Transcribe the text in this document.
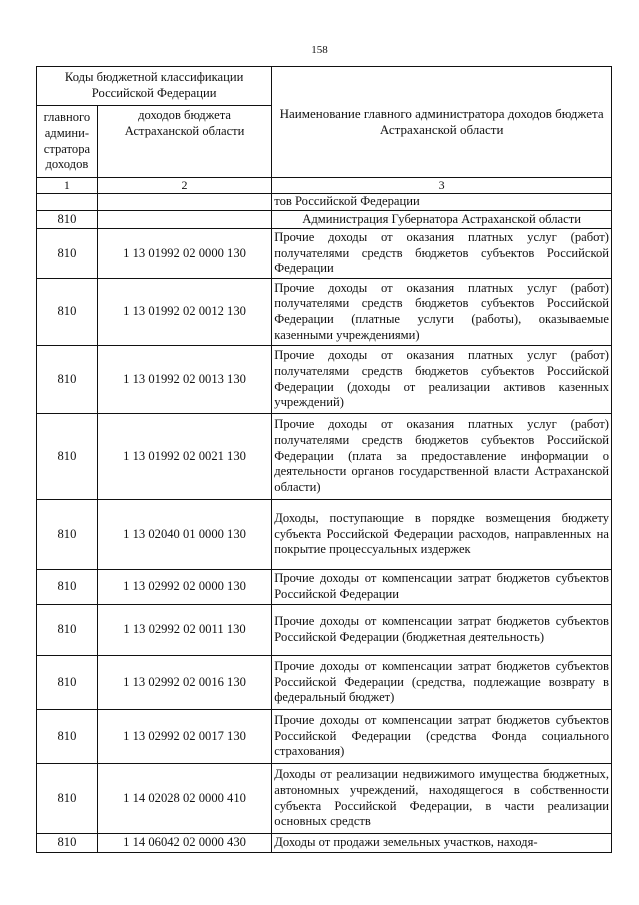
158
Коды бюджетной классификации Российской Федерации		Наименование главного администратора доходов бюджета Астраханской области
главного админи-стратора доходов	доходов бюджета Астраханской области	
1	2	3
		тов Российской Федерации
810		Администрация Губернатора Астраханской области
810	1 13 01992 02 0000 130	Прочие доходы от оказания платных услуг (работ) получателями средств бюджетов субъектов Российской Федерации
810	1 13 01992 02 0012 130	Прочие доходы от оказания платных услуг (работ) получателями средств бюджетов субъектов Российской Федерации (платные услуги (работы), оказываемые казенными учреждениями)
810	1 13 01992 02 0013 130	Прочие доходы от оказания платных услуг (работ) получателями средств бюджетов субъектов Российской Федерации (доходы от реализации активов казенных учреждений)
810	1 13 01992 02 0021 130	Прочие доходы от оказания платных услуг (работ) получателями средств бюджетов субъектов Российской Федерации (плата за предоставление информации о деятельности органов государственной власти Астраханской области)
810	1 13 02040 01 0000 130	Доходы, поступающие в порядке возмещения бюджету субъекта Российской Федерации расходов, направленных на покрытие процессуальных издержек
810	1 13 02992 02 0000 130	Прочие доходы от компенсации затрат бюджетов субъектов Российской Федерации
810	1 13 02992 02 0011 130	Прочие доходы от компенсации затрат бюджетов субъектов Российской Федерации (бюджетная деятельность)
810	1 13 02992 02 0016 130	Прочие доходы от компенсации затрат бюджетов субъектов Российской Федерации (средства, подлежащие возврату в федеральный бюджет)
810	1 13 02992 02 0017 130	Прочие доходы от компенсации затрат бюджетов субъектов Российской Федерации (средства Фонда социального страхования)
810	1 14 02028 02 0000 410	Доходы от реализации недвижимого имущества бюджетных, автономных учреждений, находящегося в собственности субъекта Российской Федерации, в части реализации основных средств
810	1 14 06042 02 0000 430	Доходы от продажи земельных участков, находя-
